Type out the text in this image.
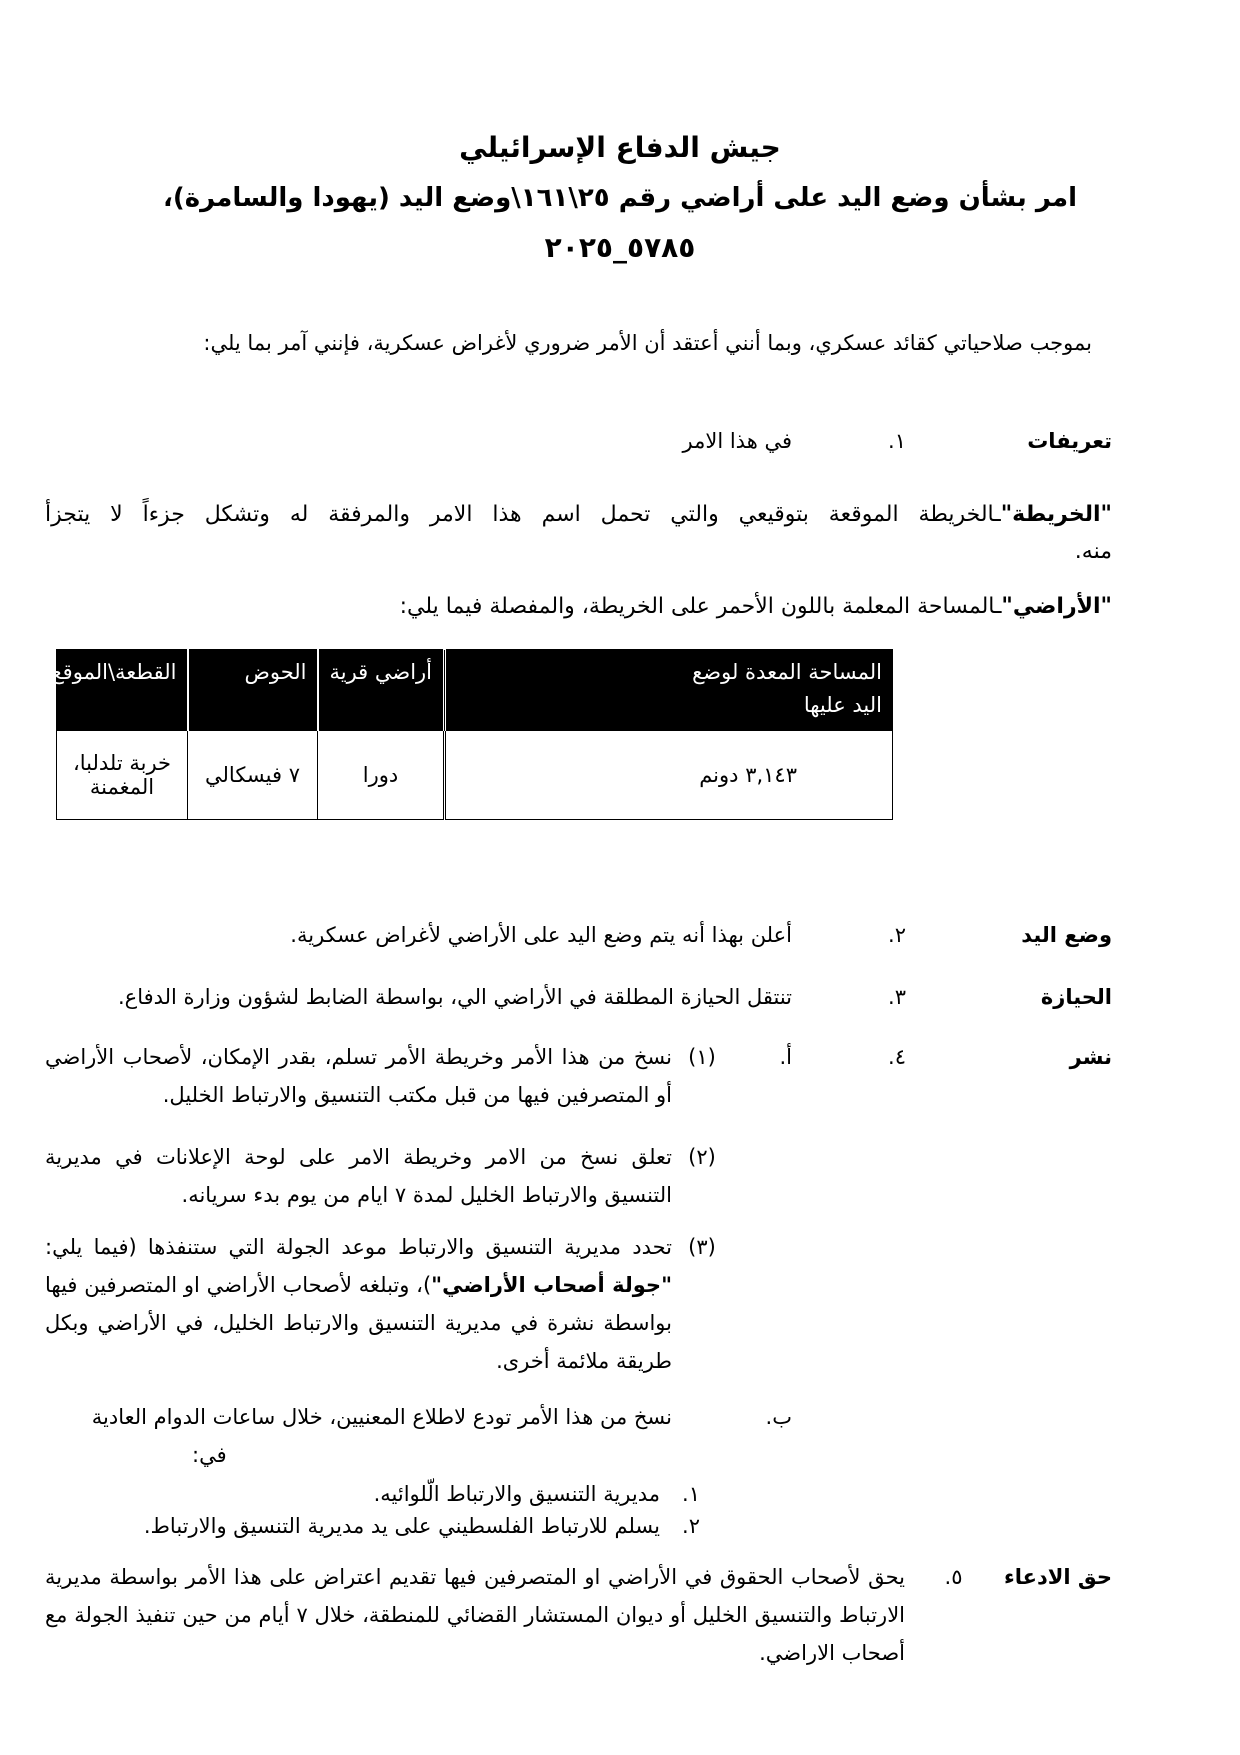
جيش الدفاع الإسرائيلي
امر بشأن وضع اليد على أراضي رقم ٢٥\١٦١\وضع اليد (يهودا والسامرة)،
٥٧٨٥_٢٠٢٥
بموجب صلاحياتي كقائد عسكري، وبما أنني أعتقد أن الأمر ضروري لأغراض عسكرية، فإنني آمر بما يلي:
تعريفات
١.
في هذا الامر
"الخريطة"ـالخريطة الموقعة بتوقيعي والتي تحمل اسم هذا الامر والمرفقة له وتشكل جزءاً لا يتجزأ
منه.
"الأراضي"ـالمساحة المعلمة باللون الأحمر على الخريطة، والمفصلة فيما يلي:
المساحة المعدة لوضع اليد عليها	أراضي قرية	الحوض	القطعة\الموقع
٣,١٤٣ دونم	دورا	٧ فيسكالي	خربة تلدلبا، المغمنة
وضع اليد
٢.
أعلن بهذا أنه يتم وضع اليد على الأراضي لأغراض عسكرية.
الحيازة
٣.
تنتقل الحيازة المطلقة في الأراضي الي، بواسطة الضابط لشؤون وزارة الدفاع.
نشر
٤.
أ.
(١)
نسخ من هذا الأمر وخريطة الأمر تسلم، بقدر الإمكان، لأصحاب الأراضي أو المتصرفين فيها من قبل مكتب التنسيق والارتباط الخليل.
(٢)
تعلق نسخ من الامر وخريطة الامر على لوحة الإعلانات في مديرية التنسيق والارتباط الخليل لمدة ٧ ايام من يوم بدء سريانه.
(٣)
تحدد مديرية التنسيق والارتباط موعد الجولة التي ستنفذها (فيما يلي: "جولة أصحاب الأراضي")، وتبلغه لأصحاب الأراضي او المتصرفين فيها بواسطة نشرة في مديرية التنسيق والارتباط الخليل، في الأراضي وبكل طريقة ملائمة أخرى.
ب.
نسخ من هذا الأمر تودع لاطلاع المعنيين، خلال ساعات الدوام العادية
في:
١.
مديرية التنسيق والارتباط الّلوائيه.
٢.
يسلم للارتباط الفلسطيني على يد مديرية التنسيق والارتباط.
حق الادعاء
٥.
يحق لأصحاب الحقوق في الأراضي او المتصرفين فيها تقديم اعتراض على هذا الأمر بواسطة مديرية الارتباط والتنسيق الخليل أو ديوان المستشار القضائي للمنطقة، خلال ٧ أيام من حين تنفيذ الجولة مع أصحاب الاراضي.
